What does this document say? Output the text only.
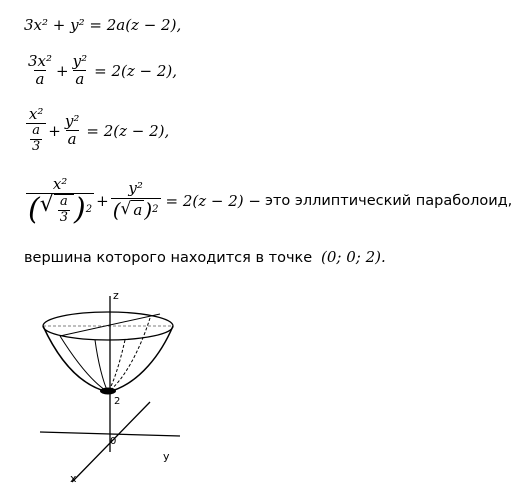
3x² + y² = 2a(z − 2),
$\frac{\text{3x²}}{a} + \frac{\text{y²}}{a} = 2(z - 2)$,
$\frac{\text{x²}}{\frac{a}{3}} + \frac{\text{y²}}{a} = 2(z - 2)$,
x²
( √ $\frac{a}{3}$ ) 2 +
y²
( √ a ) 2 = 2(z − 2) − это эллиптический параболоид,
вершина которого находится в точке (0; 0; 2).
z
y
x
0
2
